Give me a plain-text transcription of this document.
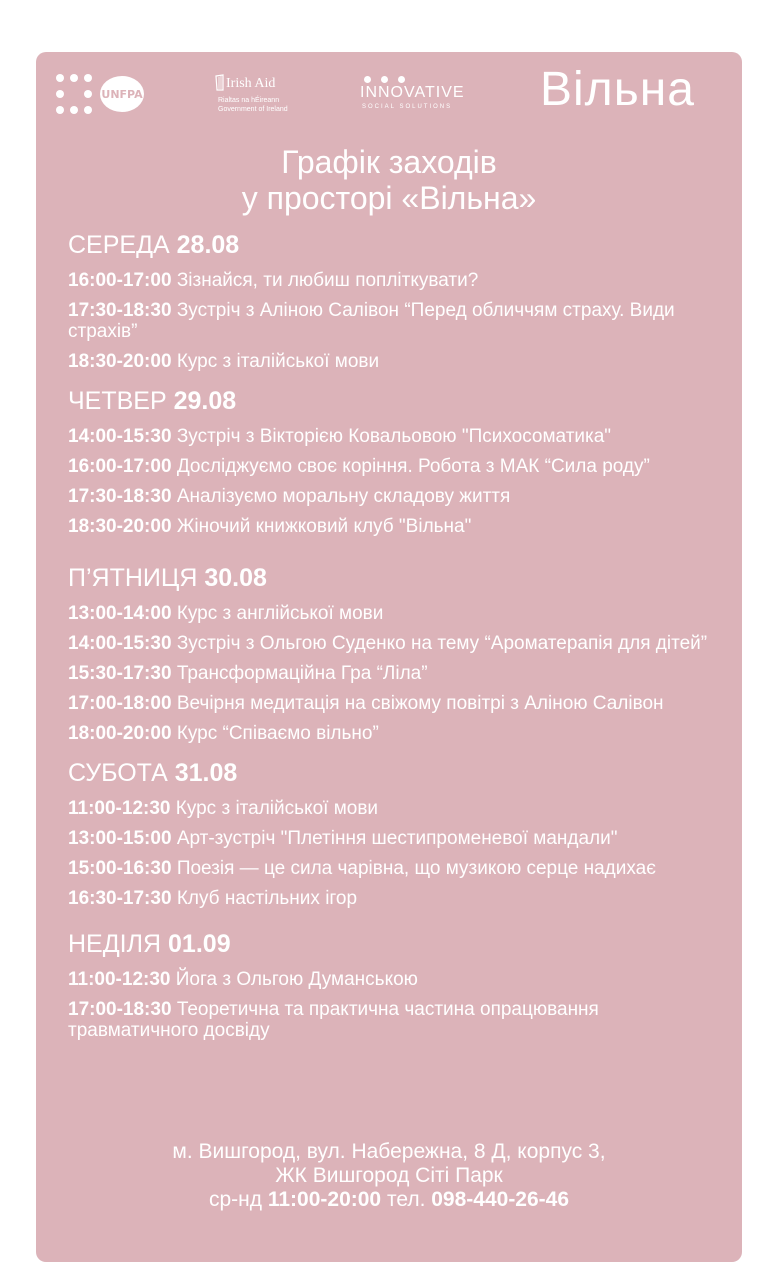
UNFPA
Irish Aid
Rialtas na hÉireann
Government of Ireland
INNOVATIVE
SOCIAL SOLUTIONS Вільна
Графік заходів
у просторі «Вільна»
СЕРЕДА 28.08
16:00-17:00 Зізнайся, ти любиш попліткувати?
17:30-18:30 Зустріч з Аліною Салівон “Перед обличчям страху. Види страхів”
18:30-20:00 Курс з італійської мови
ЧЕТВЕР 29.08
14:00-15:30 Зустріч з Вікторією Ковальовою "Психосоматика"
16:00-17:00 Досліджуємо своє коріння. Робота з МАК “Сила роду”
17:30-18:30 Аналізуємо моральну складову життя
18:30-20:00 Жіночий книжковий клуб "Вільна"
П’ЯТНИЦЯ 30.08
13:00-14:00 Курс з англійської мови
14:00-15:30 Зустріч з Ольгою Суденко на тему “Ароматерапія для дітей”
15:30-17:30 Трансформаційна Гра “Ліла”
17:00-18:00 Вечірня медитація на свіжому повітрі з Аліною Салівон
18:00-20:00 Курс “Співаємо вільно”
СУБОТА 31.08
11:00-12:30 Курс з італійської мови
13:00-15:00 Арт-зустріч "Плетіння шестипроменевої мандали"
15:00-16:30 Поезія — це сила чарівна, що музикою серце надихає
16:30-17:30 Клуб настільних ігор
НЕДІЛЯ 01.09
11:00-12:30 Йога з Ольгою Думанською
17:00-18:30 Теоретична та практична частина опрацювання травматичного досвіду
м. Вишгород, вул. Набережна, 8 Д, корпус 3,
ЖК Вишгород Сіті Парк
ср-нд 11:00-20:00 тел. 098-440-26-46
